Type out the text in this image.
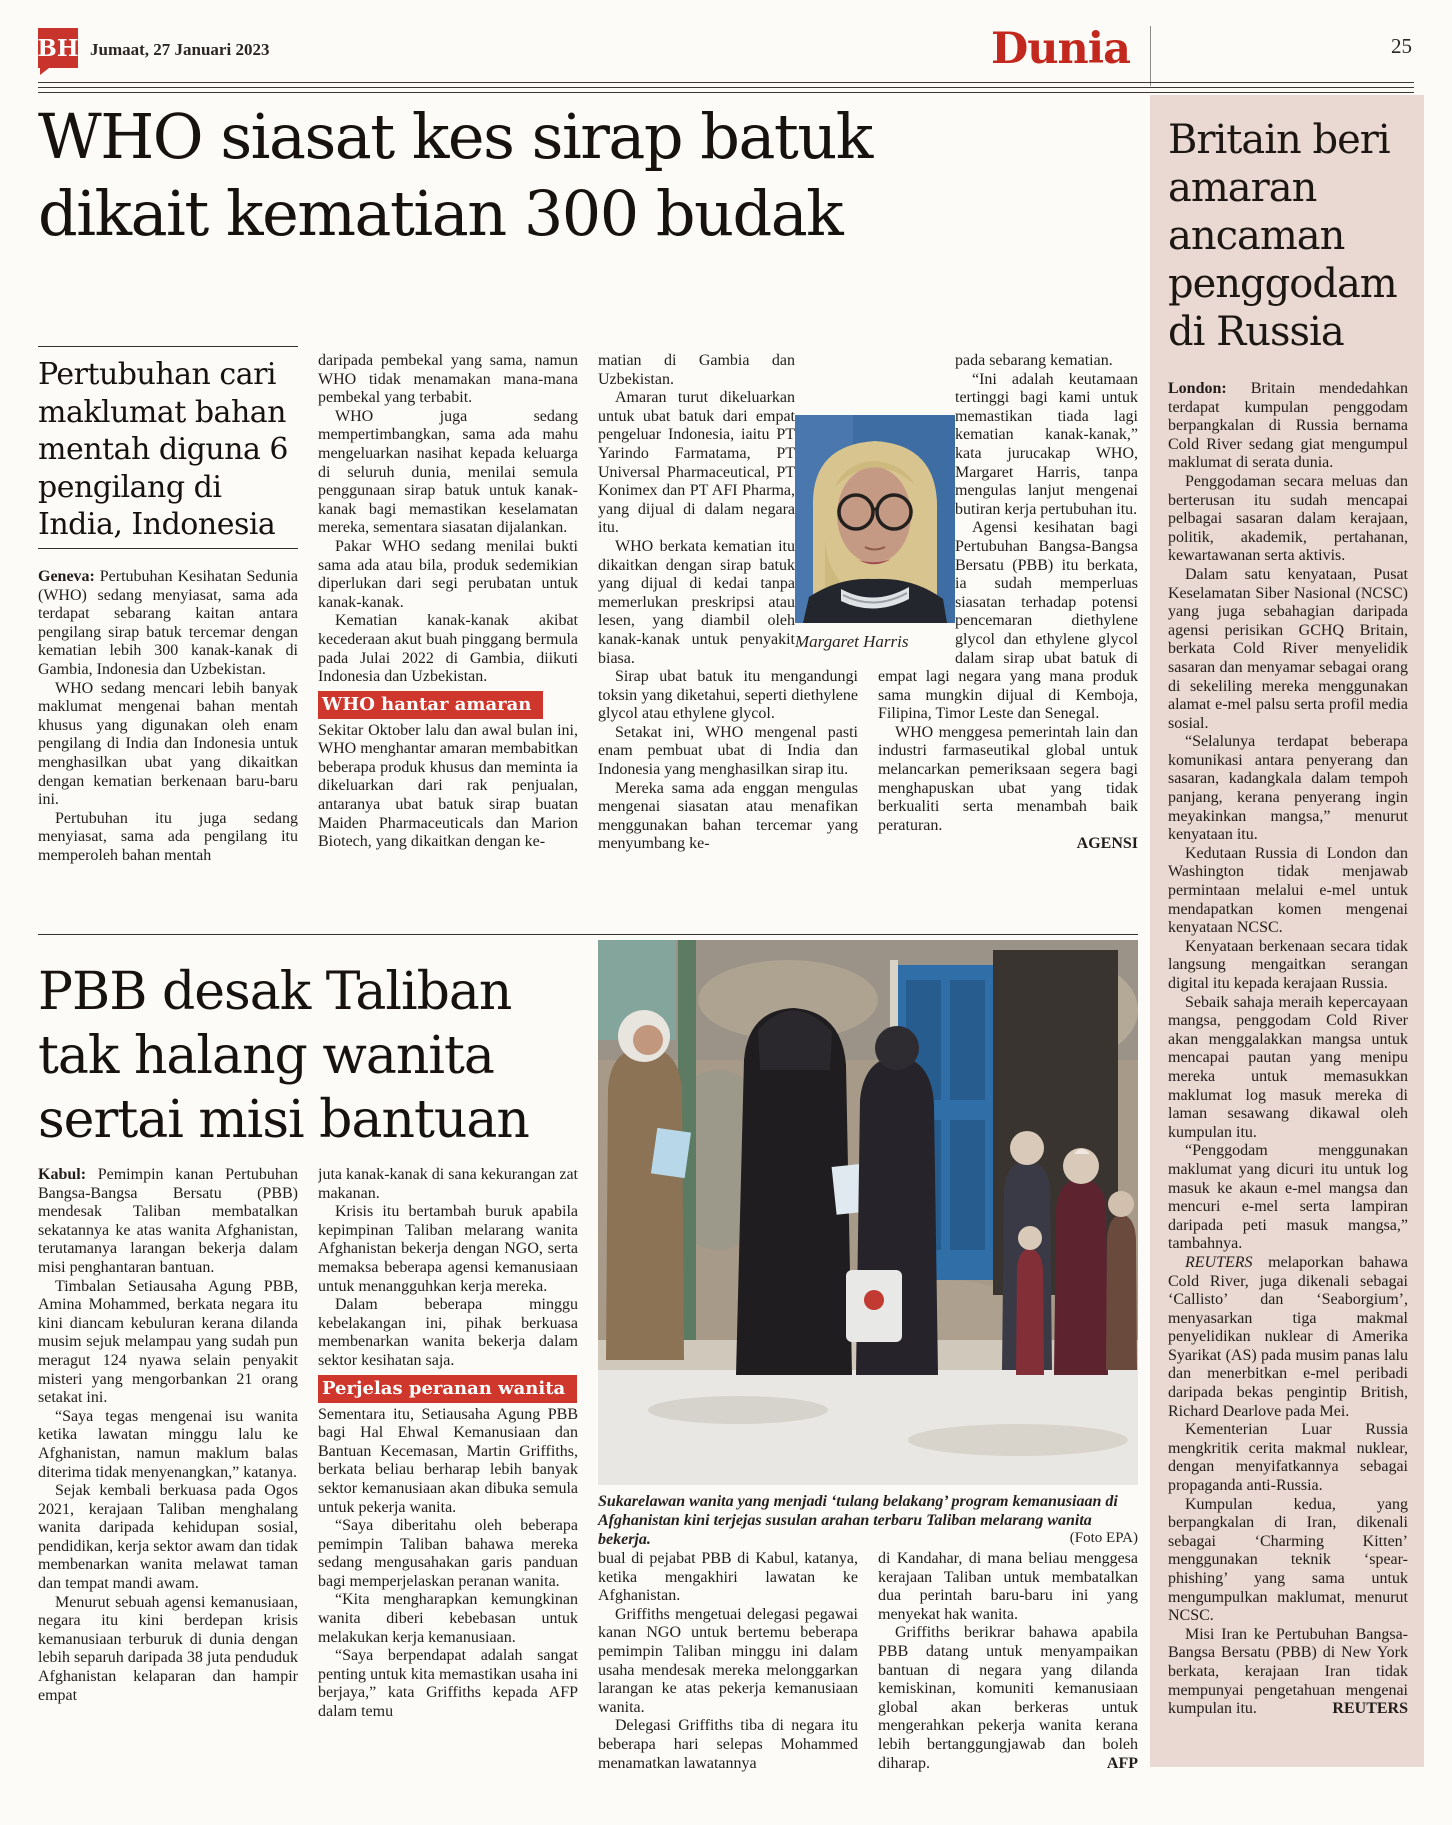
BH Jumaat, 27 Januari 2023	Dunia	25
WHO siasat kes sirap batuk
dikait kematian 300 budak
Pertubuhan cari maklumat bahan mentah diguna 6 pengilang di India, Indonesia

Geneva: Pertubuhan Kesihatan Sedunia (WHO) sedang menyiasat, sama ada terdapat sebarang kaitan antara pengilang sirap batuk tercemar dengan kematian lebih 300 kanak-kanak di Gambia, Indonesia dan Uzbekistan.

WHO sedang mencari lebih banyak maklumat mengenai bahan mentah khusus yang digunakan oleh enam pengilang di India dan Indonesia untuk menghasilkan ubat yang dikaitkan dengan kematian berkenaan baru-baru ini.

Pertubuhan itu juga sedang menyiasat, sama ada pengilang itu memperoleh bahan mentah

daripada pembekal yang sama, namun WHO tidak menamakan mana-mana pembekal yang terbabit.

WHO juga sedang mempertimbangkan, sama ada mahu mengeluarkan nasihat kepada keluarga di seluruh dunia, menilai semula penggunaan sirap batuk untuk kanak-kanak bagi memastikan keselamatan mereka, sementara siasatan dijalankan.

Pakar WHO sedang menilai bukti sama ada atau bila, produk sedemikian diperlukan dari segi perubatan untuk kanak-kanak.

Kematian kanak-kanak akibat kecederaan akut buah pinggang bermula pada Julai 2022 di Gambia, diikuti Indonesia dan Uzbekistan.

WHO hantar amaran

Sekitar Oktober lalu dan awal bulan ini, WHO menghantar amaran membabitkan beberapa produk khusus dan meminta ia dikeluarkan dari rak penjualan, antaranya ubat batuk sirap buatan Maiden Pharmaceuticals dan Marion Biotech, yang dikaitkan dengan ke-

matian di Gambia dan Uzbekistan.

Amaran turut dikeluarkan untuk ubat batuk dari empat pengeluar Indonesia, iaitu PT Yarindo Farmatama, PT Universal Pharmaceutical, PT Konimex dan PT AFI Pharma, yang dijual di dalam negara itu.

WHO berkata kematian itu dikaitkan dengan sirap batuk yang dijual di kedai tanpa memerlukan preskripsi atau lesen, yang diambil oleh kanak-kanak untuk penyakit biasa.

Sirap ubat batuk itu mengandungi toksin yang diketahui, seperti diethylene glycol atau ethylene glycol.

Setakat ini, WHO mengenal pasti enam pembuat ubat di India dan Indonesia yang menghasilkan sirap itu.

Mereka sama ada enggan mengulas mengenai siasatan atau menafikan menggunakan bahan tercemar yang menyumbang ke-

pada sebarang kematian.

“Ini adalah keutamaan tertinggi bagi kami untuk memastikan tiada lagi kematian kanak-kanak,” kata jurucakap WHO, Margaret Harris, tanpa mengulas lanjut mengenai butiran kerja pertubuhan itu.

Agensi kesihatan bagi Pertubuhan Bangsa-Bangsa Bersatu (PBB) itu berkata, ia sudah memperluas siasatan terhadap potensi pencemaran diethylene glycol dan ethylene glycol dalam sirap ubat batuk di empat lagi negara yang mana produk sama mungkin dijual di Kemboja, Filipina, Timor Leste dan Senegal.

WHO menggesa pemerintah lain dan industri farmaseutikal global untuk melancarkan pemeriksaan segera bagi menghapuskan ubat yang tidak berkualiti serta menambah baik peraturan.

AGENSI

Margaret Harris
PBB desak Taliban
tak halang wanita
sertai misi bantuan
Sukarelawan wanita yang menjadi ‘tulang belakang’ program kemanusiaan di Afghanistan kini terjejas susulan arahan terbaru Taliban melarang wanita bekerja.	(Foto EPA)

Kabul: Pemimpin kanan Pertubuhan Bangsa-Bangsa Bersatu (PBB) mendesak Taliban membatalkan sekatannya ke atas wanita Afghanistan, terutamanya larangan bekerja dalam misi penghantaran bantuan.

Timbalan Setiausaha Agung PBB, Amina Mohammed, berkata negara itu kini diancam kebuluran kerana dilanda musim sejuk melampau yang sudah pun meragut 124 nyawa selain penyakit misteri yang mengorbankan 21 orang setakat ini.

“Saya tegas mengenai isu wanita ketika lawatan minggu lalu ke Afghanistan, namun maklum balas diterima tidak menyenangkan,” katanya.

Sejak kembali berkuasa pada Ogos 2021, kerajaan Taliban menghalang wanita daripada kehidupan sosial, pendidikan, kerja sektor awam dan tidak membenarkan wanita melawat taman dan tempat mandi awam.

Menurut sebuah agensi kemanusiaan, negara itu kini berdepan krisis kemanusiaan terburuk di dunia dengan lebih separuh daripada 38 juta penduduk Afghanistan kelaparan dan hampir empat

juta kanak-kanak di sana kekurangan zat makanan.

Krisis itu bertambah buruk apabila kepimpinan Taliban melarang wanita Afghanistan bekerja dengan NGO, serta memaksa beberapa agensi kemanusiaan untuk menangguhkan kerja mereka.

Dalam beberapa minggu kebelakangan ini, pihak berkuasa membenarkan wanita bekerja dalam sektor kesihatan saja.

Perjelas peranan wanita

Sementara itu, Setiausaha Agung PBB bagi Hal Ehwal Kemanusiaan dan Bantuan Kecemasan, Martin Griffiths, berkata beliau berharap lebih banyak sektor kemanusiaan akan dibuka semula untuk pekerja wanita.

“Saya diberitahu oleh beberapa pemimpin Taliban bahawa mereka sedang mengusahakan garis panduan bagi memperjelaskan peranan wanita.

“Kita mengharapkan kemungkinan wanita diberi kebebasan untuk melakukan kerja kemanusiaan.

“Saya berpendapat adalah sangat penting untuk kita memastikan usaha ini berjaya,” kata Griffiths kepada AFP dalam temu

bual di pejabat PBB di Kabul, katanya, ketika mengakhiri lawatan ke Afghanistan.

Griffiths mengetuai delegasi pegawai kanan NGO untuk bertemu beberapa pemimpin Taliban minggu ini dalam usaha mendesak mereka melonggarkan larangan ke atas pekerja kemanusiaan wanita.

Delegasi Griffiths tiba di negara itu beberapa hari selepas Mohammed menamatkan lawatannya

di Kandahar, di mana beliau menggesa kerajaan Taliban untuk membatalkan dua perintah baru-baru ini yang menyekat hak wanita.

Griffiths berikrar bahawa apabila PBB datang untuk menyampaikan bantuan di negara yang dilanda kemiskinan, komuniti kemanusiaan global akan berkeras untuk mengerahkan pekerja wanita kerana lebih bertanggungjawab dan boleh diharap.	AFP

Britain beri
amaran
ancaman
penggodam
di Russia

London: Britain mendedahkan terdapat kumpulan penggodam berpangkalan di Russia bernama Cold River sedang giat mengumpul maklumat di serata dunia.

Penggodaman secara meluas dan berterusan itu sudah mencapai pelbagai sasaran dalam kerajaan, politik, akademik, pertahanan, kewartawanan serta aktivis.

Dalam satu kenyataan, Pusat Keselamatan Siber Nasional (NCSC) yang juga sebahagian daripada agensi perisikan GCHQ Britain, berkata Cold River menyelidik sasaran dan menyamar sebagai orang di sekeliling mereka menggunakan alamat e-mel palsu serta profil media sosial.

“Selalunya terdapat beberapa komunikasi antara penyerang dan sasaran, kadangkala dalam tempoh panjang, kerana penyerang ingin meyakinkan mangsa,” menurut kenyataan itu.

Kedutaan Russia di London dan Washington tidak menjawab permintaan melalui e-mel untuk mendapatkan komen mengenai kenyataan NCSC.

Kenyataan berkenaan secara tidak langsung mengaitkan serangan digital itu kepada kerajaan Russia.

Sebaik sahaja meraih kepercayaan mangsa, penggodam Cold River akan menggalakkan mangsa untuk mencapai pautan yang menipu mereka untuk memasukkan maklumat log masuk mereka di laman sesawang dikawal oleh kumpulan itu.

“Penggodam menggunakan maklumat yang dicuri itu untuk log masuk ke akaun e-mel mangsa dan mencuri e-mel serta lampiran daripada peti masuk mangsa,” tambahnya.

REUTERS melaporkan bahawa Cold River, juga dikenali sebagai ‘Callisto’ dan ‘Seaborgium’, menyasarkan tiga makmal penyelidikan nuklear di Amerika Syarikat (AS) pada musim panas lalu dan menerbitkan e-mel peribadi daripada bekas pengintip British, Richard Dearlove pada Mei.

Kementerian Luar Russia mengkritik cerita makmal nuklear, dengan menyifatkannya sebagai propaganda anti-Russia.

Kumpulan kedua, yang berpangkalan di Iran, dikenali sebagai ‘Charming Kitten’ menggunakan teknik ‘spear-phishing’ yang sama untuk mengumpulkan maklumat, menurut NCSC.

Misi Iran ke Pertubuhan Bangsa-Bangsa Bersatu (PBB) di New York berkata, kerajaan Iran tidak mempunyai pengetahuan mengenai kumpulan itu.	REUTERS
